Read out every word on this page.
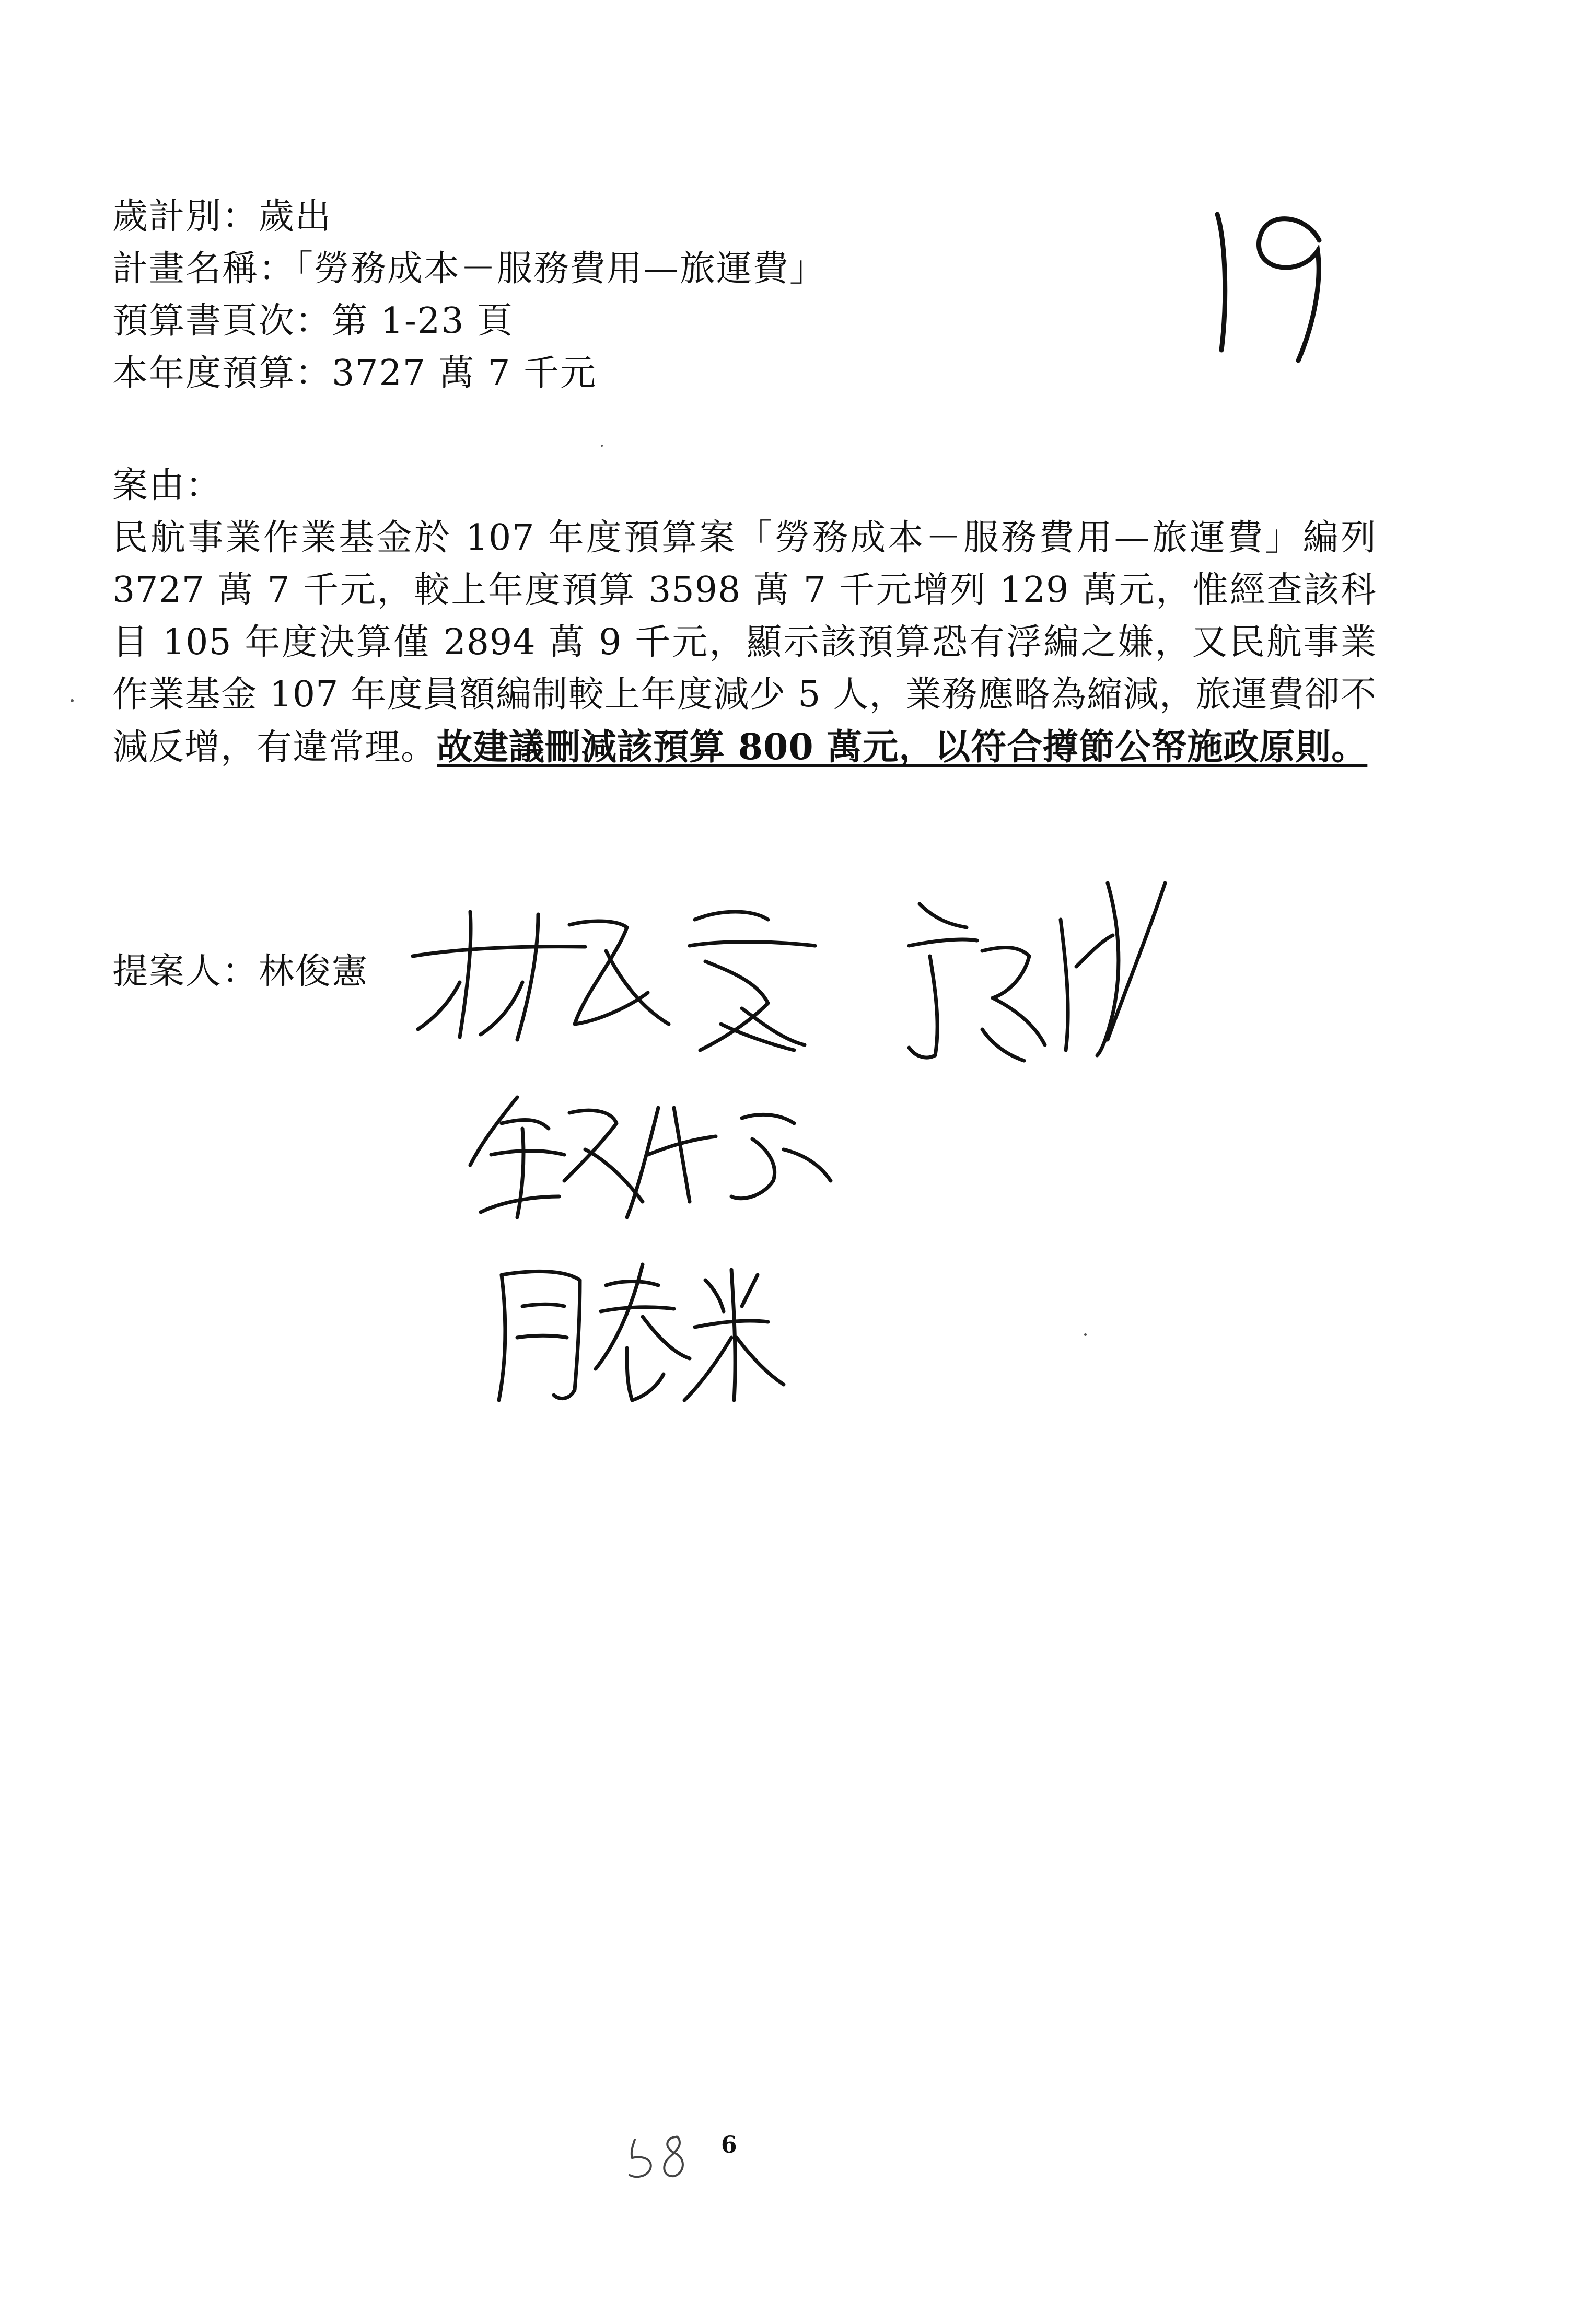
歲計別：歲出
計畫名稱：「勞務成本－服務費用—旅運費」
預算書頁次：第 1-23 頁
本年度預算：3727 萬 7 千元
案由：
民航事業作業基金於 107 年度預算案「勞務成本－服務費用—旅運費」編列 3727 萬 7 千元，較上年度預算 3598 萬 7 千元增列 129 萬元，惟經查該科目 105 年度決算僅 2894 萬 9 千元，顯示該預算恐有浮編之嫌，又民航事業作業基金 107 年度員額編制較上年度減少 5 人，業務應略為縮減，旅運費卻不減反增，有違常理。故建議刪減該預算 800 萬元，以符合撙節公帑施政原則。
提案人：林俊憲
6
